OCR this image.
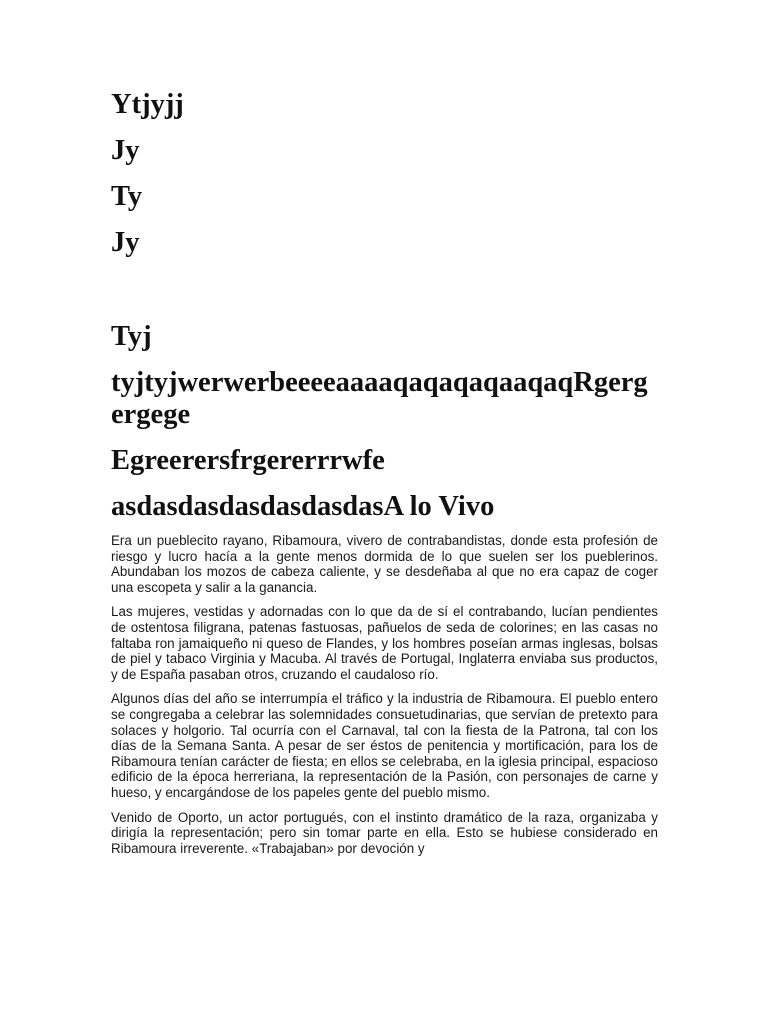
Ytjyjj
Jy
Ty
Jy
Tyj
tyjtyjwerwerbeeeeaaaaqaqaqaqaaqaqRgergergege
Egreerersfrgererrrwfe
asdasdasdasdasdasdasA lo Vivo

Era un pueblecito rayano, Ribamoura, vivero de contrabandistas, donde esta profesión de riesgo y lucro hacía a la gente menos dormida de lo que suelen ser los pueblerinos. Abundaban los mozos de cabeza caliente, y se desdeñaba al que no era capaz de coger una escopeta y salir a la ganancia.

Las mujeres, vestidas y adornadas con lo que da de sí el contrabando, lucían pendientes de ostentosa filigrana, patenas fastuosas, pañuelos de seda de colorines; en las casas no faltaba ron jamaiqueño ni queso de Flandes, y los hombres poseían armas inglesas, bolsas de piel y tabaco Virginia y Macuba. Al través de Portugal, Inglaterra enviaba sus productos, y de España pasaban otros, cruzando el caudaloso río.

Algunos días del año se interrumpía el tráfico y la industria de Ribamoura. El pueblo entero se congregaba a celebrar las solemnidades consuetudinarias, que servían de pretexto para solaces y holgorio. Tal ocurría con el Carnaval, tal con la fiesta de la Patrona, tal con los días de la Semana Santa. A pesar de ser éstos de penitencia y mortificación, para los de Ribamoura tenían carácter de fiesta; en ellos se celebraba, en la iglesia principal, espacioso edificio de la época herreriana, la representación de la Pasión, con personajes de carne y hueso, y encargándose de los papeles gente del pueblo mismo.

Venido de Oporto, un actor portugués, con el instinto dramático de la raza, organizaba y dirigía la representación; pero sin tomar parte en ella. Esto se hubiese considerado en Ribamoura irreverente. «Trabajaban» por devoción y
